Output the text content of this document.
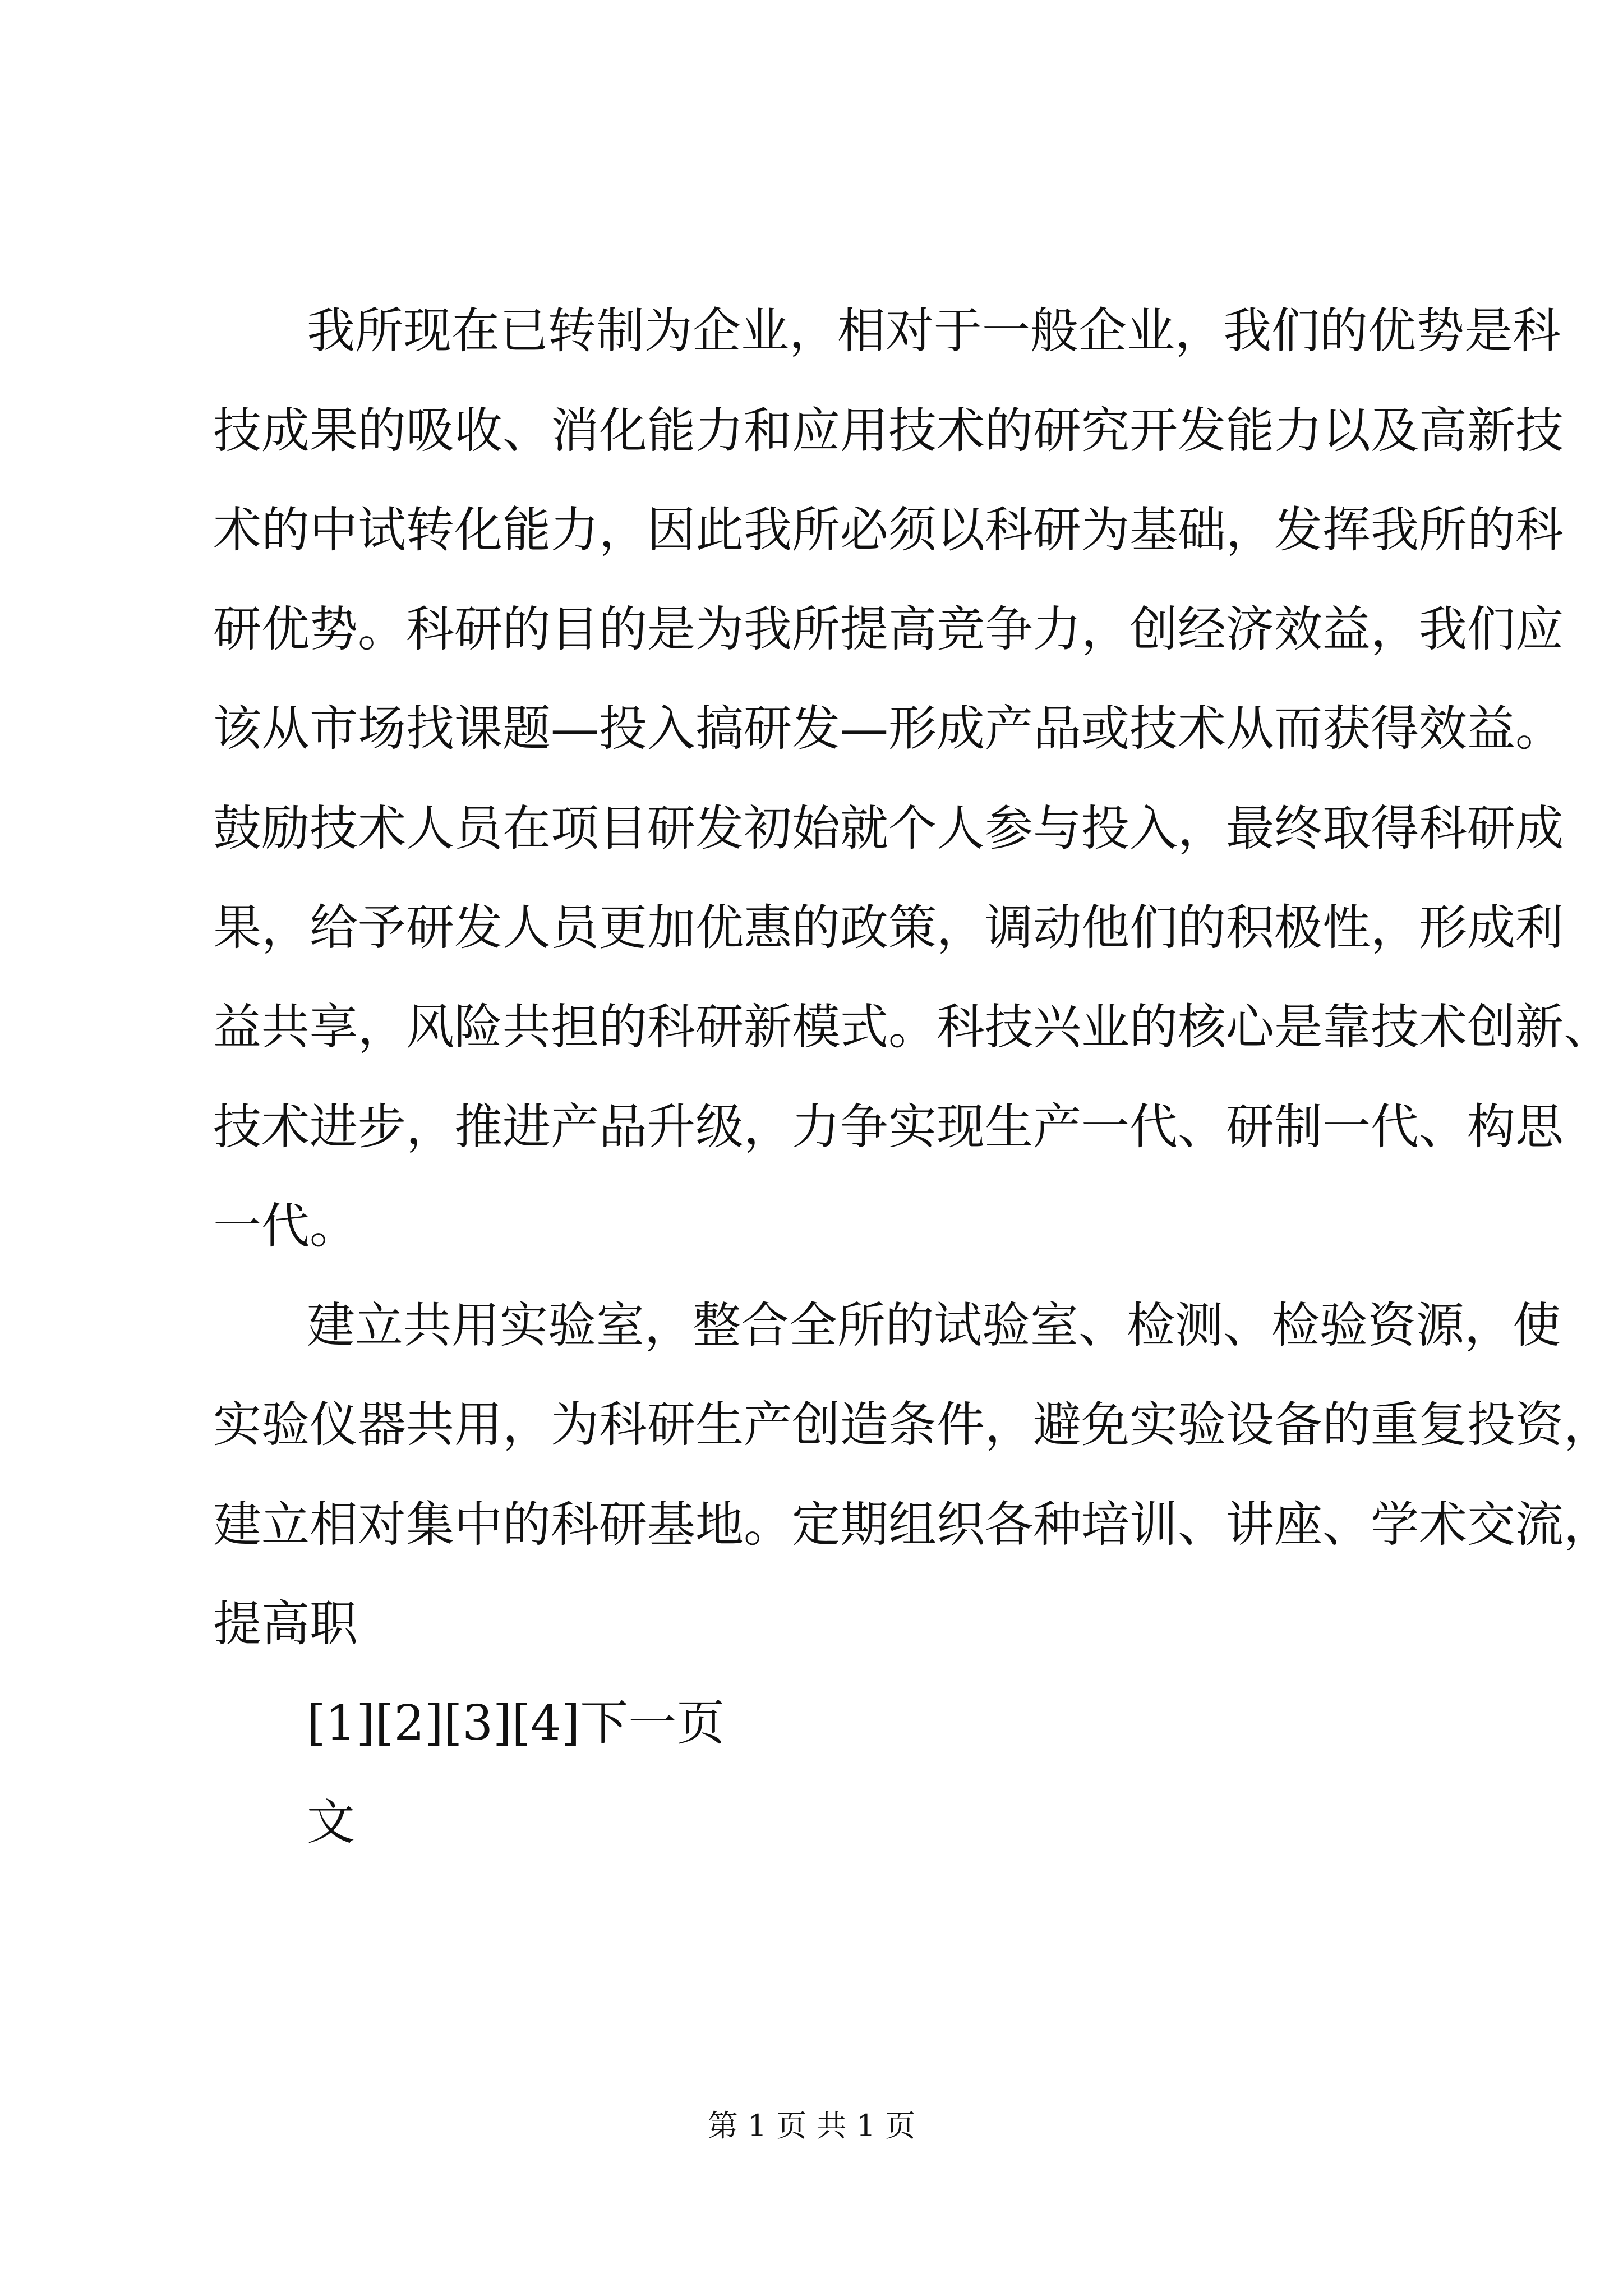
我所现在已转制为企业，相对于一般企业，我们的优势是科
技成果的吸收、消化能力和应用技术的研究开发能力以及高新技
术的中试转化能力，因此我所必须以科研为基础，发挥我所的科
研优势。科研的目的是为我所提高竞争力，创经济效益，我们应
该从市场找课题—投入搞研发—形成产品或技术从而获得效益。
鼓励技术人员在项目研发初始就个人参与投入，最终取得科研成
果，给予研发人员更加优惠的政策，调动他们的积极性，形成利
益共享，风险共担的科研新模式。科技兴业的核心是靠技术创新、
技术进步，推进产品升级，力争实现生产一代、研制一代、构思
一代。
建立共用实验室，整合全所的试验室、检测、检验资源，使
实验仪器共用，为科研生产创造条件，避免实验设备的重复投资，
建立相对集中的科研基地。定期组织各种培训、讲座、学术交流，
提高职
[1][2][3][4]下一页
文
第 1 页 共 1 页
